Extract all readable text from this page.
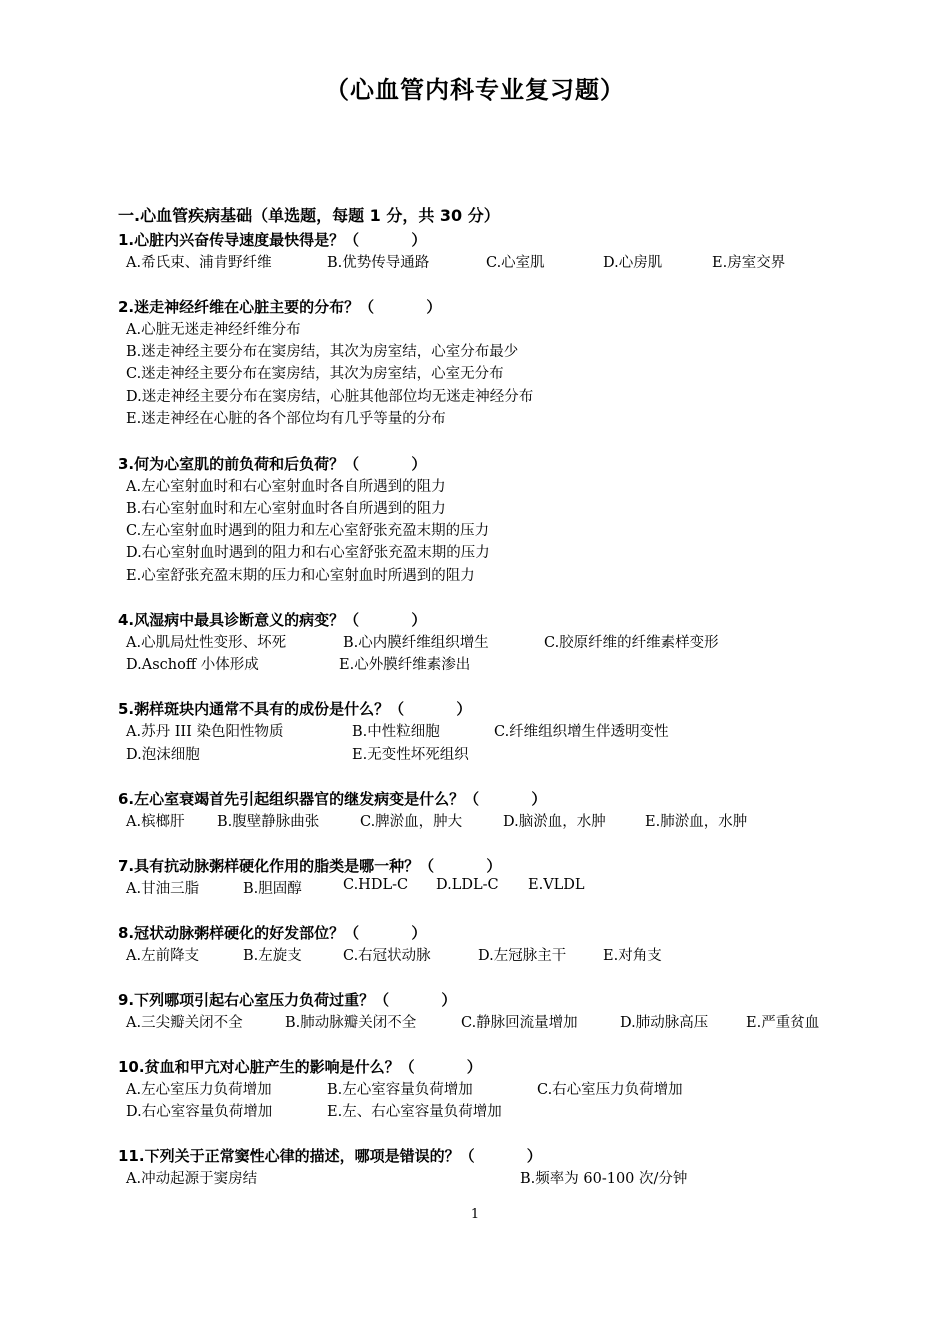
（心血管内科专业复习题）
一.心血管疾病基础（单选题，每题 1 分，共 30 分）
1.心脏内兴奋传导速度最快得是？（          ）
A.希氏束、浦肯野纤维	B.优势传导通路	C.心室肌	D.心房肌	E.房室交界
2.迷走神经纤维在心脏主要的分布？（          ）
A.心脏无迷走神经纤维分布
B.迷走神经主要分布在窦房结，其次为房室结，心室分布最少
C.迷走神经主要分布在窦房结，其次为房室结，心室无分布
D.迷走神经主要分布在窦房结，心脏其他部位均无迷走神经分布
E.迷走神经在心脏的各个部位均有几乎等量的分布
3.何为心室肌的前负荷和后负荷？（          ）
A.左心室射血时和右心室射血时各自所遇到的阻力
B.右心室射血时和左心室射血时各自所遇到的阻力
C.左心室射血时遇到的阻力和左心室舒张充盈末期的压力
D.右心室射血时遇到的阻力和右心室舒张充盈末期的压力
E.心室舒张充盈末期的压力和心室射血时所遇到的阻力
4.风湿病中最具诊断意义的病变？（          ）
A.心肌局灶性变形、坏死	B.心内膜纤维组织增生	C.胶原纤维的纤维素样变形
D.Aschoff 小体形成	E.心外膜纤维素渗出
5.粥样斑块内通常不具有的成份是什么？（          ）
A.苏丹 III 染色阳性物质	B.中性粒细胞	C.纤维组织增生伴透明变性
D.泡沫细胞	E.无变性坏死组织
6.左心室衰竭首先引起组织器官的继发病变是什么？（          ）
A.槟榔肝 B.腹壁静脉曲张	C.脾淤血，肿大	D.脑淤血，水肿	E.肺淤血，水肿
7.具有抗动脉粥样硬化作用的脂类是哪一种？（          ）
A.甘油三脂	B.胆固醇	C.HDL-C D.LDL-C E.VLDL
8.冠状动脉粥样硬化的好发部位？（          ）
A.左前降支	B.左旋支	C.右冠状动脉	D.左冠脉主干	E.对角支
9.下列哪项引起右心室压力负荷过重？（          ）
A.三尖瓣关闭不全	B.肺动脉瓣关闭不全	C.静脉回流量增加	D.肺动脉高压	E.严重贫血
10.贫血和甲亢对心脏产生的影响是什么？（          ）
A.左心室压力负荷增加	B.左心室容量负荷增加	C.右心室压力负荷增加
D.右心室容量负荷增加	E.左、右心室容量负荷增加
11.下列关于正常窦性心律的描述，哪项是错误的？（          ）
A.冲动起源于窦房结	B.频率为 60-100 次/分钟
1
